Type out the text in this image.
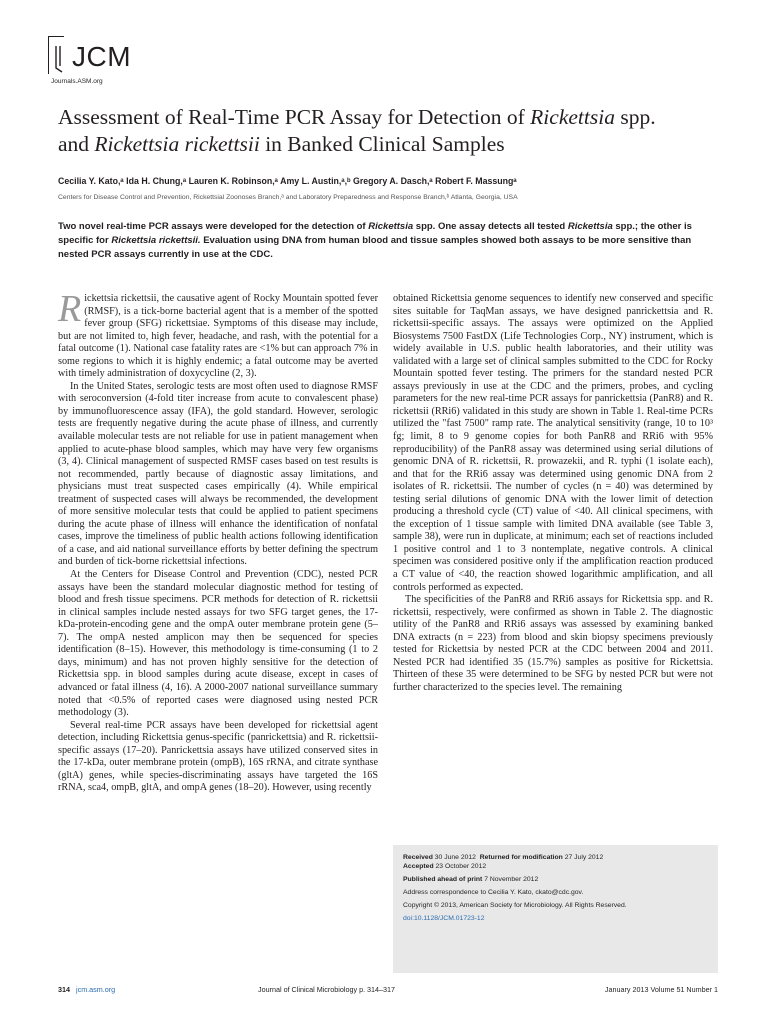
JCM
Journals.ASM.org
Assessment of Real-Time PCR Assay for Detection of Rickettsia spp.
and Rickettsia rickettsii in Banked Clinical Samples
Cecilia Y. Kato,ᵃ Ida H. Chung,ᵃ Lauren K. Robinson,ᵃ Amy L. Austin,ᵃ,ᵇ Gregory A. Dasch,ᵃ Robert F. Massungᵃ
Centers for Disease Control and Prevention, Rickettsial Zoonoses Branch,ᵃ and Laboratory Preparedness and Response Branch,ᵇ Atlanta, Georgia, USA
Two novel real-time PCR assays were developed for the detection of Rickettsia spp. One assay detects all tested Rickettsia spp.; the other is specific for Rickettsia rickettsii. Evaluation using DNA from human blood and tissue samples showed both assays to be more sensitive than nested PCR assays currently in use at the CDC.

Rickettsia rickettsii, the causative agent of Rocky Mountain spotted fever (RMSF), is a tick-borne bacterial agent that is a member of the spotted fever group (SFG) rickettsiae. Symptoms of this disease may include, but are not limited to, high fever, headache, and rash, with the potential for a fatal outcome (1). National case fatality rates are <1% but can approach 7% in some regions to which it is highly endemic; a fatal outcome may be averted with timely administration of doxycycline (2, 3).

In the United States, serologic tests are most often used to diagnose RMSF with seroconversion (4-fold titer increase from acute to convalescent phase) by immunofluorescence assay (IFA), the gold standard. However, serologic tests are frequently negative during the acute phase of illness, and currently available molecular tests are not reliable for use in patient management when applied to acute-phase blood samples, which may have very few organisms (3, 4). Clinical management of suspected RMSF cases based on test results is not recommended, partly because of diagnostic assay limitations, and physicians must treat suspected cases empirically (4). While empirical treatment of suspected cases will always be recommended, the development of more sensitive molecular tests that could be applied to patient specimens during the acute phase of illness will enhance the identification of nonfatal cases, improve the timeliness of public health actions following identification of a case, and aid national surveillance efforts by better defining the spectrum and burden of tick-borne rickettsial infections.

At the Centers for Disease Control and Prevention (CDC), nested PCR assays have been the standard molecular diagnostic method for testing of blood and fresh tissue specimens. PCR methods for detection of R. rickettsii in clinical samples include nested assays for two SFG target genes, the 17-kDa-protein-encoding gene and the ompA outer membrane protein gene (5–7). The ompA nested amplicon may then be sequenced for species identification (8–15). However, this methodology is time-consuming (1 to 2 days, minimum) and has not proven highly sensitive for the detection of Rickettsia spp. in blood samples during acute disease, except in cases of advanced or fatal illness (4, 16). A 2000-2007 national surveillance summary noted that <0.5% of reported cases were diagnosed using nested PCR methodology (3).

Several real-time PCR assays have been developed for rickettsial agent detection, including Rickettsia genus-specific (panrickettsia) and R. rickettsii-specific assays (17–20). Panrickettsia assays have utilized conserved sites in the 17-kDa, outer membrane protein (ompB), 16S rRNA, and citrate synthase (gltA) genes, while species-discriminating assays have targeted the 16S rRNA, sca4, ompB, gltA, and ompA genes (18–20). However, using recently

obtained Rickettsia genome sequences to identify new conserved and specific sites suitable for TaqMan assays, we have designed panrickettsia and R. rickettsii-specific assays. The assays were optimized on the Applied Biosystems 7500 FastDX (Life Technologies Corp., NY) instrument, which is widely available in U.S. public health laboratories, and their utility was validated with a large set of clinical samples submitted to the CDC for Rocky Mountain spotted fever testing. The primers for the standard nested PCR assays previously in use at the CDC and the primers, probes, and cycling parameters for the new real-time PCR assays for panrickettsia (PanR8) and R. rickettsii (RRi6) validated in this study are shown in Table 1. Real-time PCRs utilized the "fast 7500" ramp rate. The analytical sensitivity (range, 10 to 10³ fg; limit, 8 to 9 genome copies for both PanR8 and RRi6 with 95% reproducibility) of the PanR8 assay was determined using serial dilutions of genomic DNA of R. rickettsii, R. prowazekii, and R. typhi (1 isolate each), and that for the RRi6 assay was determined using genomic DNA from 2 isolates of R. rickettsii. The number of cycles (n = 40) was determined by testing serial dilutions of genomic DNA with the lower limit of detection producing a threshold cycle (CT) value of <40. All clinical specimens, with the exception of 1 tissue sample with limited DNA available (see Table 3, sample 38), were run in duplicate, at minimum; each set of reactions included 1 positive control and 1 to 3 nontemplate, negative controls. A clinical specimen was considered positive only if the amplification reaction produced a CT value of <40, the reaction showed logarithmic amplification, and all controls performed as expected.

The specificities of the PanR8 and RRi6 assays for Rickettsia spp. and R. rickettsii, respectively, were confirmed as shown in Table 2. The diagnostic utility of the PanR8 and RRi6 assays was assessed by examining banked DNA extracts (n = 223) from blood and skin biopsy specimens previously tested for Rickettsia by nested PCR at the CDC between 2004 and 2011. Nested PCR had identified 35 (15.7%) samples as positive for Rickettsia. Thirteen of these 35 were determined to be SFG by nested PCR but were not further characterized to the species level. The remaining

Received 30 June 2012 Returned for modification 27 July 2012
Accepted 23 October 2012
Published ahead of print 7 November 2012
Address correspondence to Cecilia Y. Kato, ckato@cdc.gov.
Copyright © 2013, American Society for Microbiology. All Rights Reserved.
doi:10.1128/JCM.01723-12
314 jcm.asm.org	Journal of Clinical Microbiology p. 314–317	January 2013 Volume 51 Number 1
